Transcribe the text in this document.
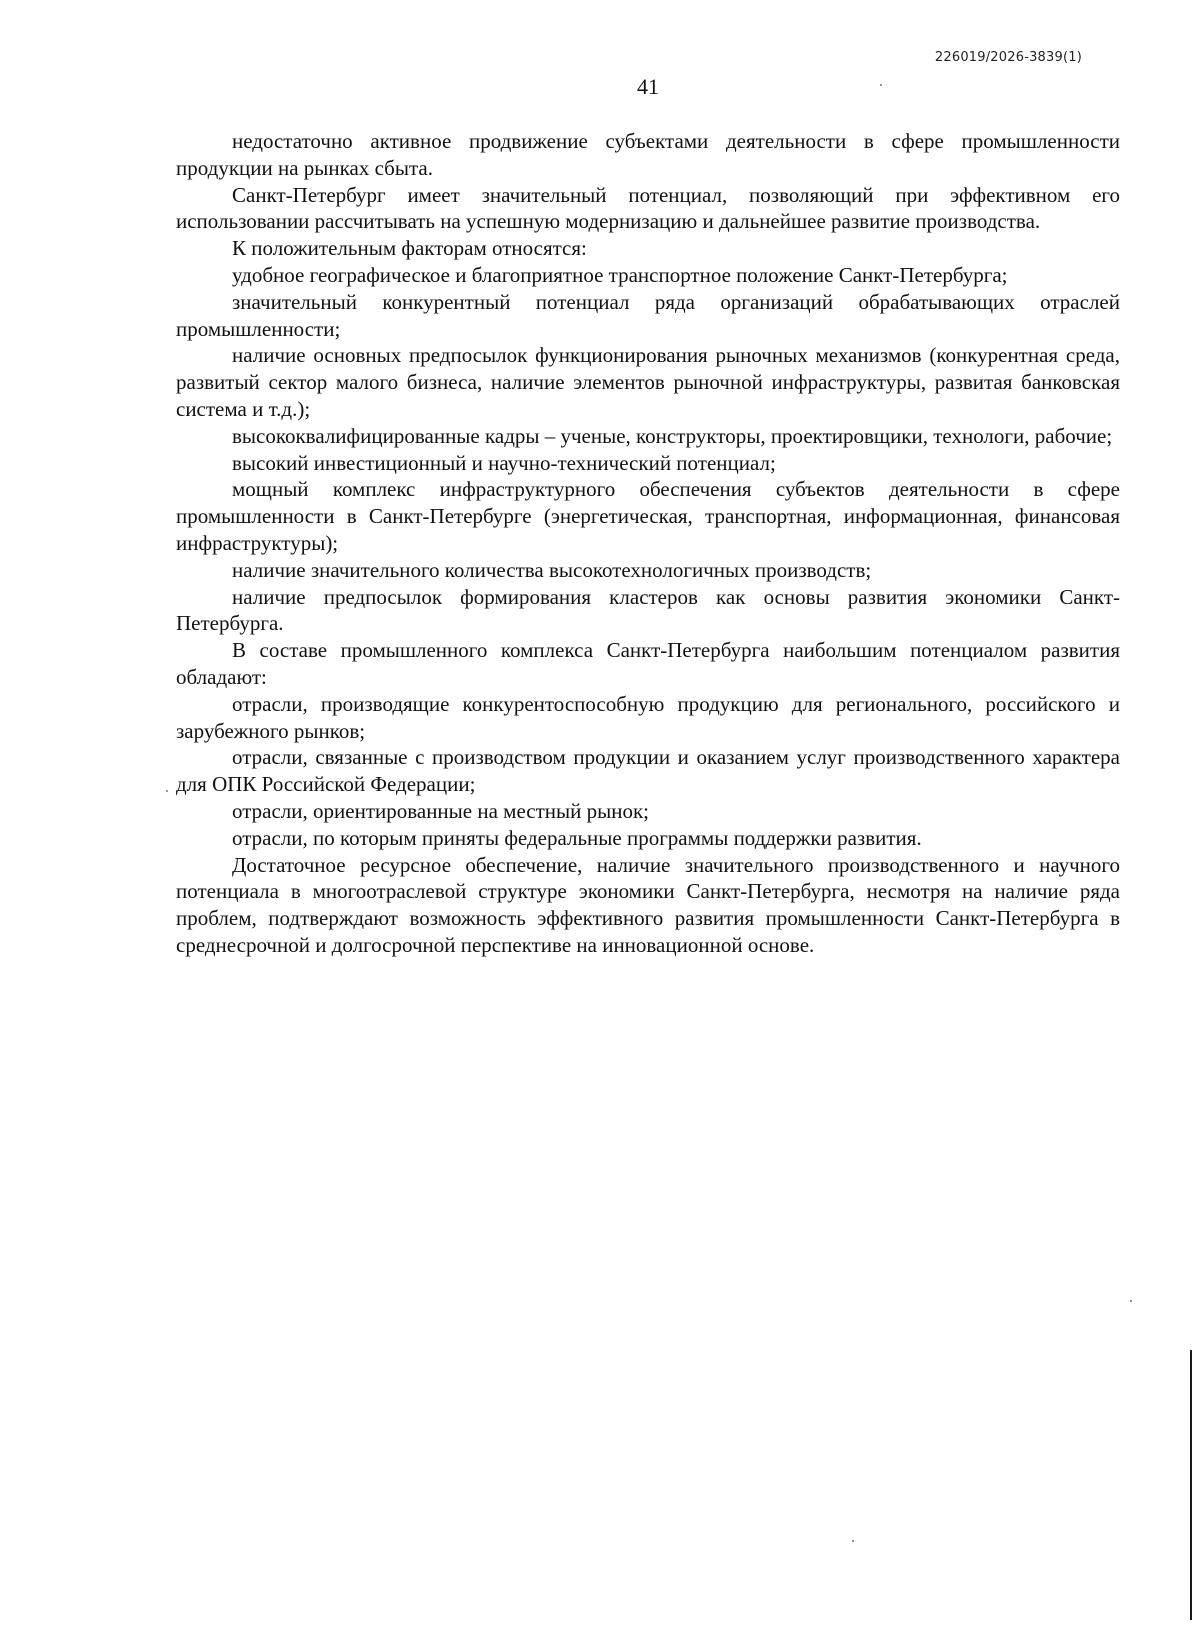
226019/2026-3839(1)
41

недостаточно активное продвижение субъектами деятельности в сфере промышленности продукции на рынках сбыта.

Санкт-Петербург имеет значительный потенциал, позволяющий при эффективном его использовании рассчитывать на успешную модернизацию и дальнейшее развитие производства.

К положительным факторам относятся:

удобное географическое и благоприятное транспортное положение Санкт-Петербурга;

значительный конкурентный потенциал ряда организаций обрабатывающих отраслей промышленности;

наличие основных предпосылок функционирования рыночных механизмов (конкурентная среда, развитый сектор малого бизнеса, наличие элементов рыночной инфраструктуры, развитая банковская система и т.д.);

высококвалифицированные кадры – ученые, конструкторы, проектировщики, технологи, рабочие;

высокий инвестиционный и научно-технический потенциал;

мощный комплекс инфраструктурного обеспечения субъектов деятельности в сфере промышленности в Санкт-Петербурге (энергетическая, транспортная, информационная, финансовая инфраструктуры);

наличие значительного количества высокотехнологичных производств;

наличие предпосылок формирования кластеров как основы развития экономики Санкт-Петербурга.

В составе промышленного комплекса Санкт-Петербурга наибольшим потенциалом развития обладают:

отрасли, производящие конкурентоспособную продукцию для регионального, российского и зарубежного рынков;

отрасли, связанные с производством продукции и оказанием услуг производственного характера для ОПК Российской Федерации;

отрасли, ориентированные на местный рынок;

отрасли, по которым приняты федеральные программы поддержки развития.

Достаточное ресурсное обеспечение, наличие значительного производственного и научного потенциала в многоотраслевой структуре экономики Санкт-Петербурга, несмотря на наличие ряда проблем, подтверждают возможность эффективного развития промышленности Санкт-Петербурга в среднесрочной и долгосрочной перспективе на инновационной основе.
